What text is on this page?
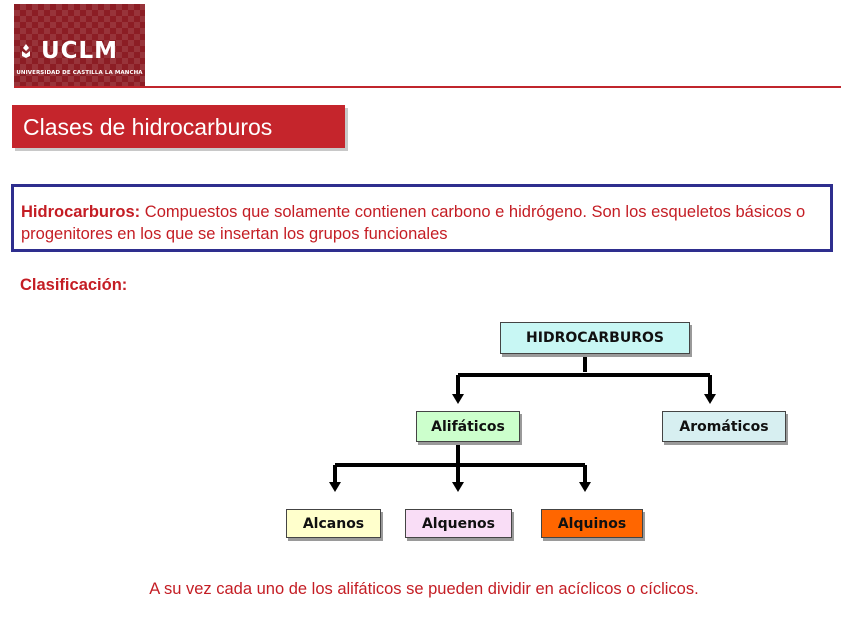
UCLM
UNIVERSIDAD DE CASTILLA LA MANCHA
Clases de hidrocarburos
Hidrocarburos: Compuestos que solamente contienen carbono e hidrógeno. Son los esqueletos básicos o progenitores en los que se insertan los grupos funcionales
Clasificación:
HIDROCARBUROS
Alifáticos	Aromáticos
Alcanos	Alquenos	Alquinos
A su vez cada uno de los alifáticos se pueden dividir en acíclicos o cíclicos.
